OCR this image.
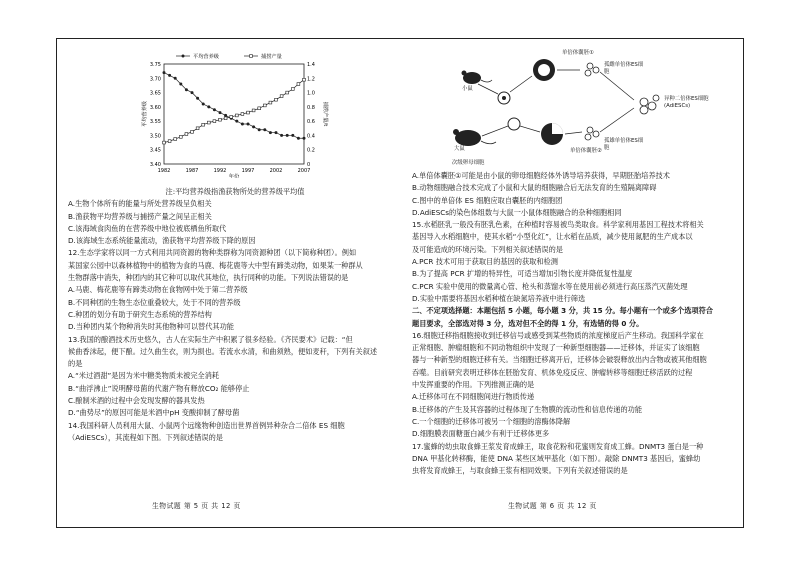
3.75
3.70
3.65
3.60
3.55
3.50
3.45
3.40
1.4
1.2
1.0
0.8
0.6
0.4
0.2
0
1982	1987	1992	1997	2002	2007
年份
平均营养级	捕捞产量/t
平均营养级	捕捞产量

注:平均营养级指渔获物所处的营养级平均值

A.生物个体所有的能量与所处营养级呈负相关

B.渔获物平均营养级与捕捞产量之间呈正相关

C.该海域食肉鱼的在营养级中地位被底栖鱼所取代

D.该海域生态系统能量流动，渔获物平均营养级下降的原因

12.生态学家将以同一方式利用共同资源的物种类群称为同资源种团（以下简称种团）。例如

某国家公园中以森林植物中的植物为食的马鹿、梅花鹿等大中型有蹄类动物，如果某一种群从

生物群落中消失，种团内的其它种可以取代其地位，执行同种的功能。下列说法错误的是

A.马鹿、梅花鹿等有蹄类动物在食物网中处于第二营养级

B.不同种团的生物生态位重叠较大，处于不同的营养级

C.种团的划分有助于研究生态系统的营养结构

D.当种团内某个物种消失时其他物种可以替代其功能

13.我国的酿酒技术历史悠久，古人在实际生产中积累了很多经验。《齐民要术》记载：“但

候曲香沫起，便下酿。过久曲生衣，则为损也。若流水水清，和曲须熟，便如麦秆，下列有关叙述

的是

A.“米过酒甜”是因为米中糖类物质未被完全消耗

B.“曲浮沸止”说明酵母菌的代谢产物有释放CO₂ 能够停止

C.酿制米酒的过程中会发现发酵的器具发热

D.“曲势尽”的原因可能是米酒中pH 变酸抑制了酵母菌

14.我国科研人员利用大鼠、小鼠两个远缘物种创造出世界首例异种杂合二倍体 ES 细胞

（AdiESCs），其流程如下图。下列叙述错误的是

小鼠
大鼠
单倍体囊胚①
单倍体囊胚②
孤雌单倍体ES细胞
孤雄单倍体ES细胞
异种二倍体ES细胞(AdiESCs)
次级卵母细胞

A.单倍体囊胚①可能是由小鼠的卵母细胞经体外诱导培养获得，早期胚胎培养技术

B.动物细胞融合技术完成了小鼠和大鼠的细胞融合后无法发育的生殖隔离障碍

C.图中的单倍体 ES 细胞应取自囊胚的内细胞团

D.AdiESCs的染色体组数与大鼠一小鼠体细胞融合的杂种细胞相同

15.水稻胚乳一般没有胚乳色素，在种植时容易被鸟类取食。科学家利用基因工程技术将相关

基因导入水稻细胞中，使其水稻“小型化红”，让水稻在品质，减少使用氮肥的生产成本以

及可能造成的环境污染。下列相关叙述错误的是

A.PCR 技术可用于获取目的基因的获取和检测

B.为了提高 PCR 扩增的特异性，可适当增加引物长度并降低复性温度

C.PCR 实验中使用的微量离心管、枪头和蒸馏水等在使用前必须进行高压蒸汽灭菌处理

D.实验中需要将基因水稻种植在缺氮培养液中进行筛选

二、不定项选择题：本题包括 5 小题，每小题 3 分，共 15 分。每小题有一个或多个选项符合

题目要求，全部选对得 3 分，选对但不全的得 1 分，有选错的得 0 分。

16.细胞迁移指细胞接收到迁移信号或感受到某些物质的浓度梯度后产生移动。我国科学家在

正常细胞、肿瘤细胞和不同动物组织中发现了一种新型细胞器——迁移体，并证实了该细胞

器与一种新型的细胞迁移有关。当细胞迁移离开后，迁移体会破裂释放出内含物或被其他细胞

吞噬。目前研究表明迁移体在胚胎发育、机体免疫反应、肿瘤转移等细胞迁移活跃的过程

中发挥重要的作用。下列推测正确的是

A.迁移体可在不同细胞间进行物质传递

B.迁移体的产生及其容器的过程体现了生物膜的流动性和信息传递的功能

C.一个细胞的迁移体可被另一个细胞的溶酶体降解

D.细胞膜表面糖蛋白减少有利于迁移体更多

17.蜜蜂的幼虫取食蜂王浆发育成蜂王，取食花粉和花蜜则发育成工蜂。DNMT3 蛋白是一种

DNA 甲基化转移酶，能使 DNA 某些区域甲基化（如下图）。敲除 DNMT3 基因后，蜜蜂幼

虫将发育成蜂王，与取食蜂王浆有相同效果。下列有关叙述错误的是

生物试题 第 5 页 共 12 页	生物试题 第 6 页 共 12 页
